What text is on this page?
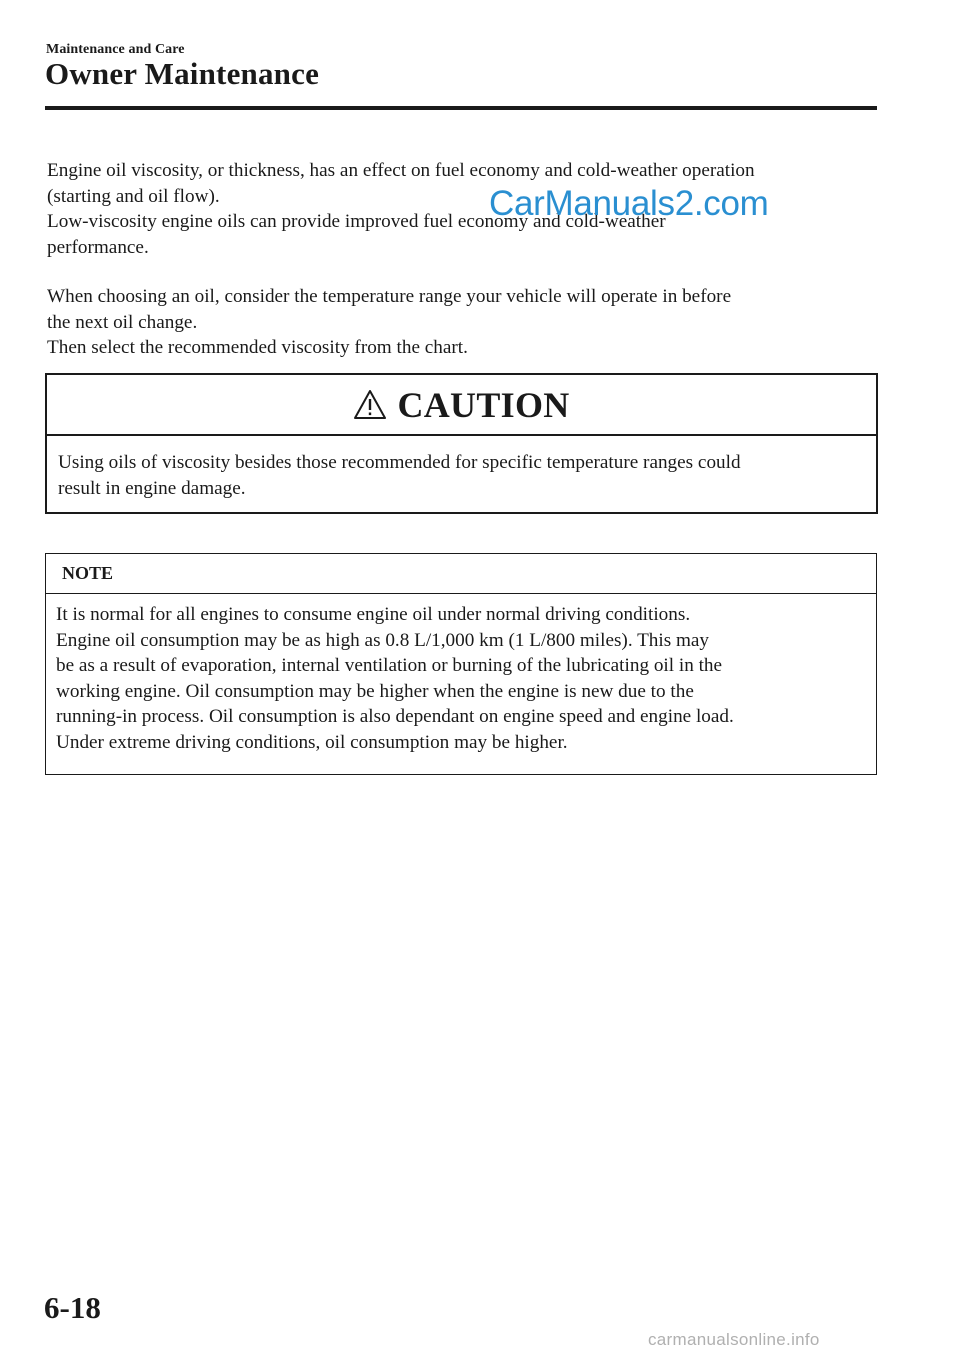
Maintenance and Care
Owner Maintenance
Engine oil viscosity, or thickness, has an effect on fuel economy and cold-weather operation
(starting and oil flow).
Low-viscosity engine oils can provide improved fuel economy and cold-weather
performance.
CarManuals2.com
When choosing an oil, consider the temperature range your vehicle will operate in before
the next oil change.
Then select the recommended viscosity from the chart.
CAUTION
Using oils of viscosity besides those recommended for specific temperature ranges could
result in engine damage.
NOTE
It is normal for all engines to consume engine oil under normal driving conditions.
Engine oil consumption may be as high as 0.8 L/1,000 km (1 L/800 miles). This may
be as a result of evaporation, internal ventilation or burning of the lubricating oil in the
working engine. Oil consumption may be higher when the engine is new due to the
running-in process. Oil consumption is also dependant on engine speed and engine load.
Under extreme driving conditions, oil consumption may be higher.
6-18
carmanualsonline.info
